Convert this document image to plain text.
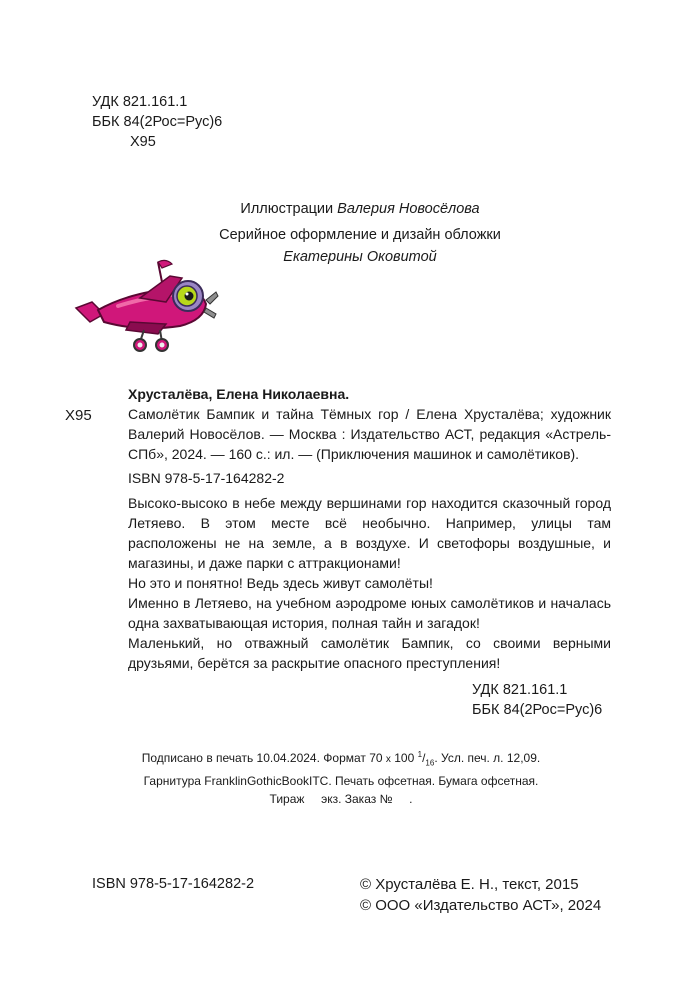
УДК 821.161.1
ББК 84(2Рос=Рус)6
Х95
Иллюстрации Валерия Новосёлова
Серийное оформление и дизайн обложки
Екатерины Оковитой
Х95
Хрусталёва, Елена Николаевна.
Самолётик Бампик и тайна Тёмных гор / Елена Хрусталёва; художник Валерий Новосёлов. — Москва : Издательство АСТ, редакция «Астрель-СПб», 2024. — 160 с.: ил. — (Приключения машинок и самолётиков).
ISBN 978-5-17-164282-2

Высоко-высоко в небе между вершинами гор находится сказочный город Летяево. В этом месте всё необычно. Например, улицы там расположены не на земле, а в воздухе. И светофоры воздушные, и магазины, и даже парки с аттракционами!

Но это и понятно! Ведь здесь живут самолёты!

Именно в Летяево, на учебном аэродроме юных самолётиков и началась одна захватывающая история, полная тайн и загадок!

Маленький, но отважный самолётик Бампик, со своими верными друзьями, берётся за раскрытие опасного преступления!

УДК 821.161.1
ББК 84(2Рос=Рус)6
Подписано в печать 10.04.2024. Формат 70 x 100 $^1/_{16}$. Усл. печ. л. 12,09.
Гарнитура FranklinGothicBookITC. Печать офсетная. Бумага офсетная.
Тираж     экз. Заказ №     .
ISBN 978-5-17-164282-2	© Хрусталёва Е. Н., текст, 2015
© ООО «Издательство АСТ», 2024
